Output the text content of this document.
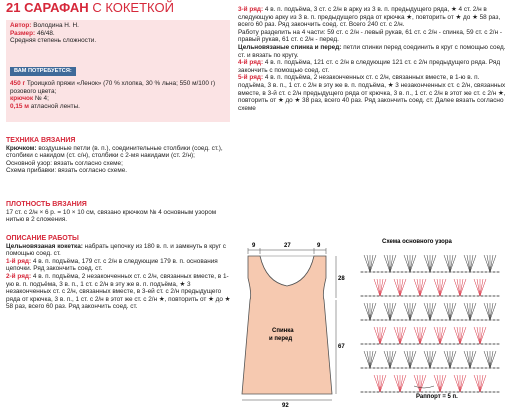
21 САРАФАН С КОКЕТКОЙ

Автор: Володина Н. Н.

Размер: 46/48.

Средняя степень сложности.

ВАМ ПОТРЕБУЕТСЯ:

450 г Троицкой пряжи «Ленок» (70 % хлопка, 30 % льна; 550 м/100 г) розового цвета;

крючок № 4;

0,15 м атласной ленты.

ТЕХНИКА ВЯЗАНИЯ

Крючком: воздушные петли (в. п.), соединительные столбики (соед. ст.), столбики с накидом (ст. с/н), столбики с 2-мя накидами (ст. 2/н);

Основной узор: вязать согласно схеме;

Схема прибавки: вязать согласно схеме.

ПЛОТНОСТЬ ВЯЗАНИЯ

17 ст. с 2/н × 6 р. = 10 × 10 см, связано крючком № 4 основным узором нитью в 2 сложения.

ОПИСАНИЕ РАБОТЫ

Цельновязаная кокетка: набрать цепочку из 180 в. п. и замкнуть в круг с помощью соед. ст.

1-й ряд: 4 в. п. подъёма, 179 ст. с 2/н в следующие 179 в. п. основания цепочки. Ряд закончить соед. ст.

2-й ряд: 4 в. п. подъёма, 2 незаконченных ст. с 2/н, связанных вместе, в 1-ую в. п. подъёма, 3 в. п., 1 ст. с 2/н в эту же в. п. подъёма, ★ 3 незаконченных ст. с 2/н, связанных вместе, в 3-ей ст. с 2/н предыдущего ряда от крючка, 3 в. п., 1 ст. с 2/н в этот же ст. с 2/н ★, повторить от ★ до ★ 58 раз, всего 60 раз. Ряд закончить соед. ст.

3-й ряд: 4 в. п. подъёма, 3 ст. с 2/н в арку из 3 в. п. предыдущего ряда, ★ 4 ст. 2/н в следующую арку из 3 в. п. предыдущего ряда от крючка ★, повторить от ★ до ★ 58 раз, всего 60 раз. Ряд закончить соед. ст. Всего 240 ст. с 2/н.

Работу разделить на 4 части: 59 ст. с 2/н - левый рукав, 61 ст. с 2/н - спинка, 59 ст. с 2/н - правый рукав, 61 ст. с 2/н - перед.

Цельновязаные спинка и перед: петли спинки перед соединить в круг с помощью соед. ст. и вязать по кругу.

4-й ряд: 4 в. п. подъёма, 121 ст. с 2/н в следующие 121 ст. с 2/н предыдущего ряда. Ряд закончить с помощью соед. ст.

5-й ряд: 4 в. п. подъёма, 2 незаконченных ст. с 2/н, связанных вместе, в 1-ю в. п. подъёма, 3 в. п., 1 ст. с 2/н в эту же в. п. подъёма, ★ 3 незаконченных ст. с 2/н, связанных вместе, в 3-й ст. с 2/н предыдущего ряда от крючка, 3 в. п., 1 ст. с 2/н в этот же ст. с 2/н ★, повторить от ★ до ★ 38 раз, всего 40 раз. Ряд закончить соед. ст. Далее вязать согласно схеме

9	27	9
28
67
92
Спинка
и перед
Схема основного узора
Раппорт = 5 п.
